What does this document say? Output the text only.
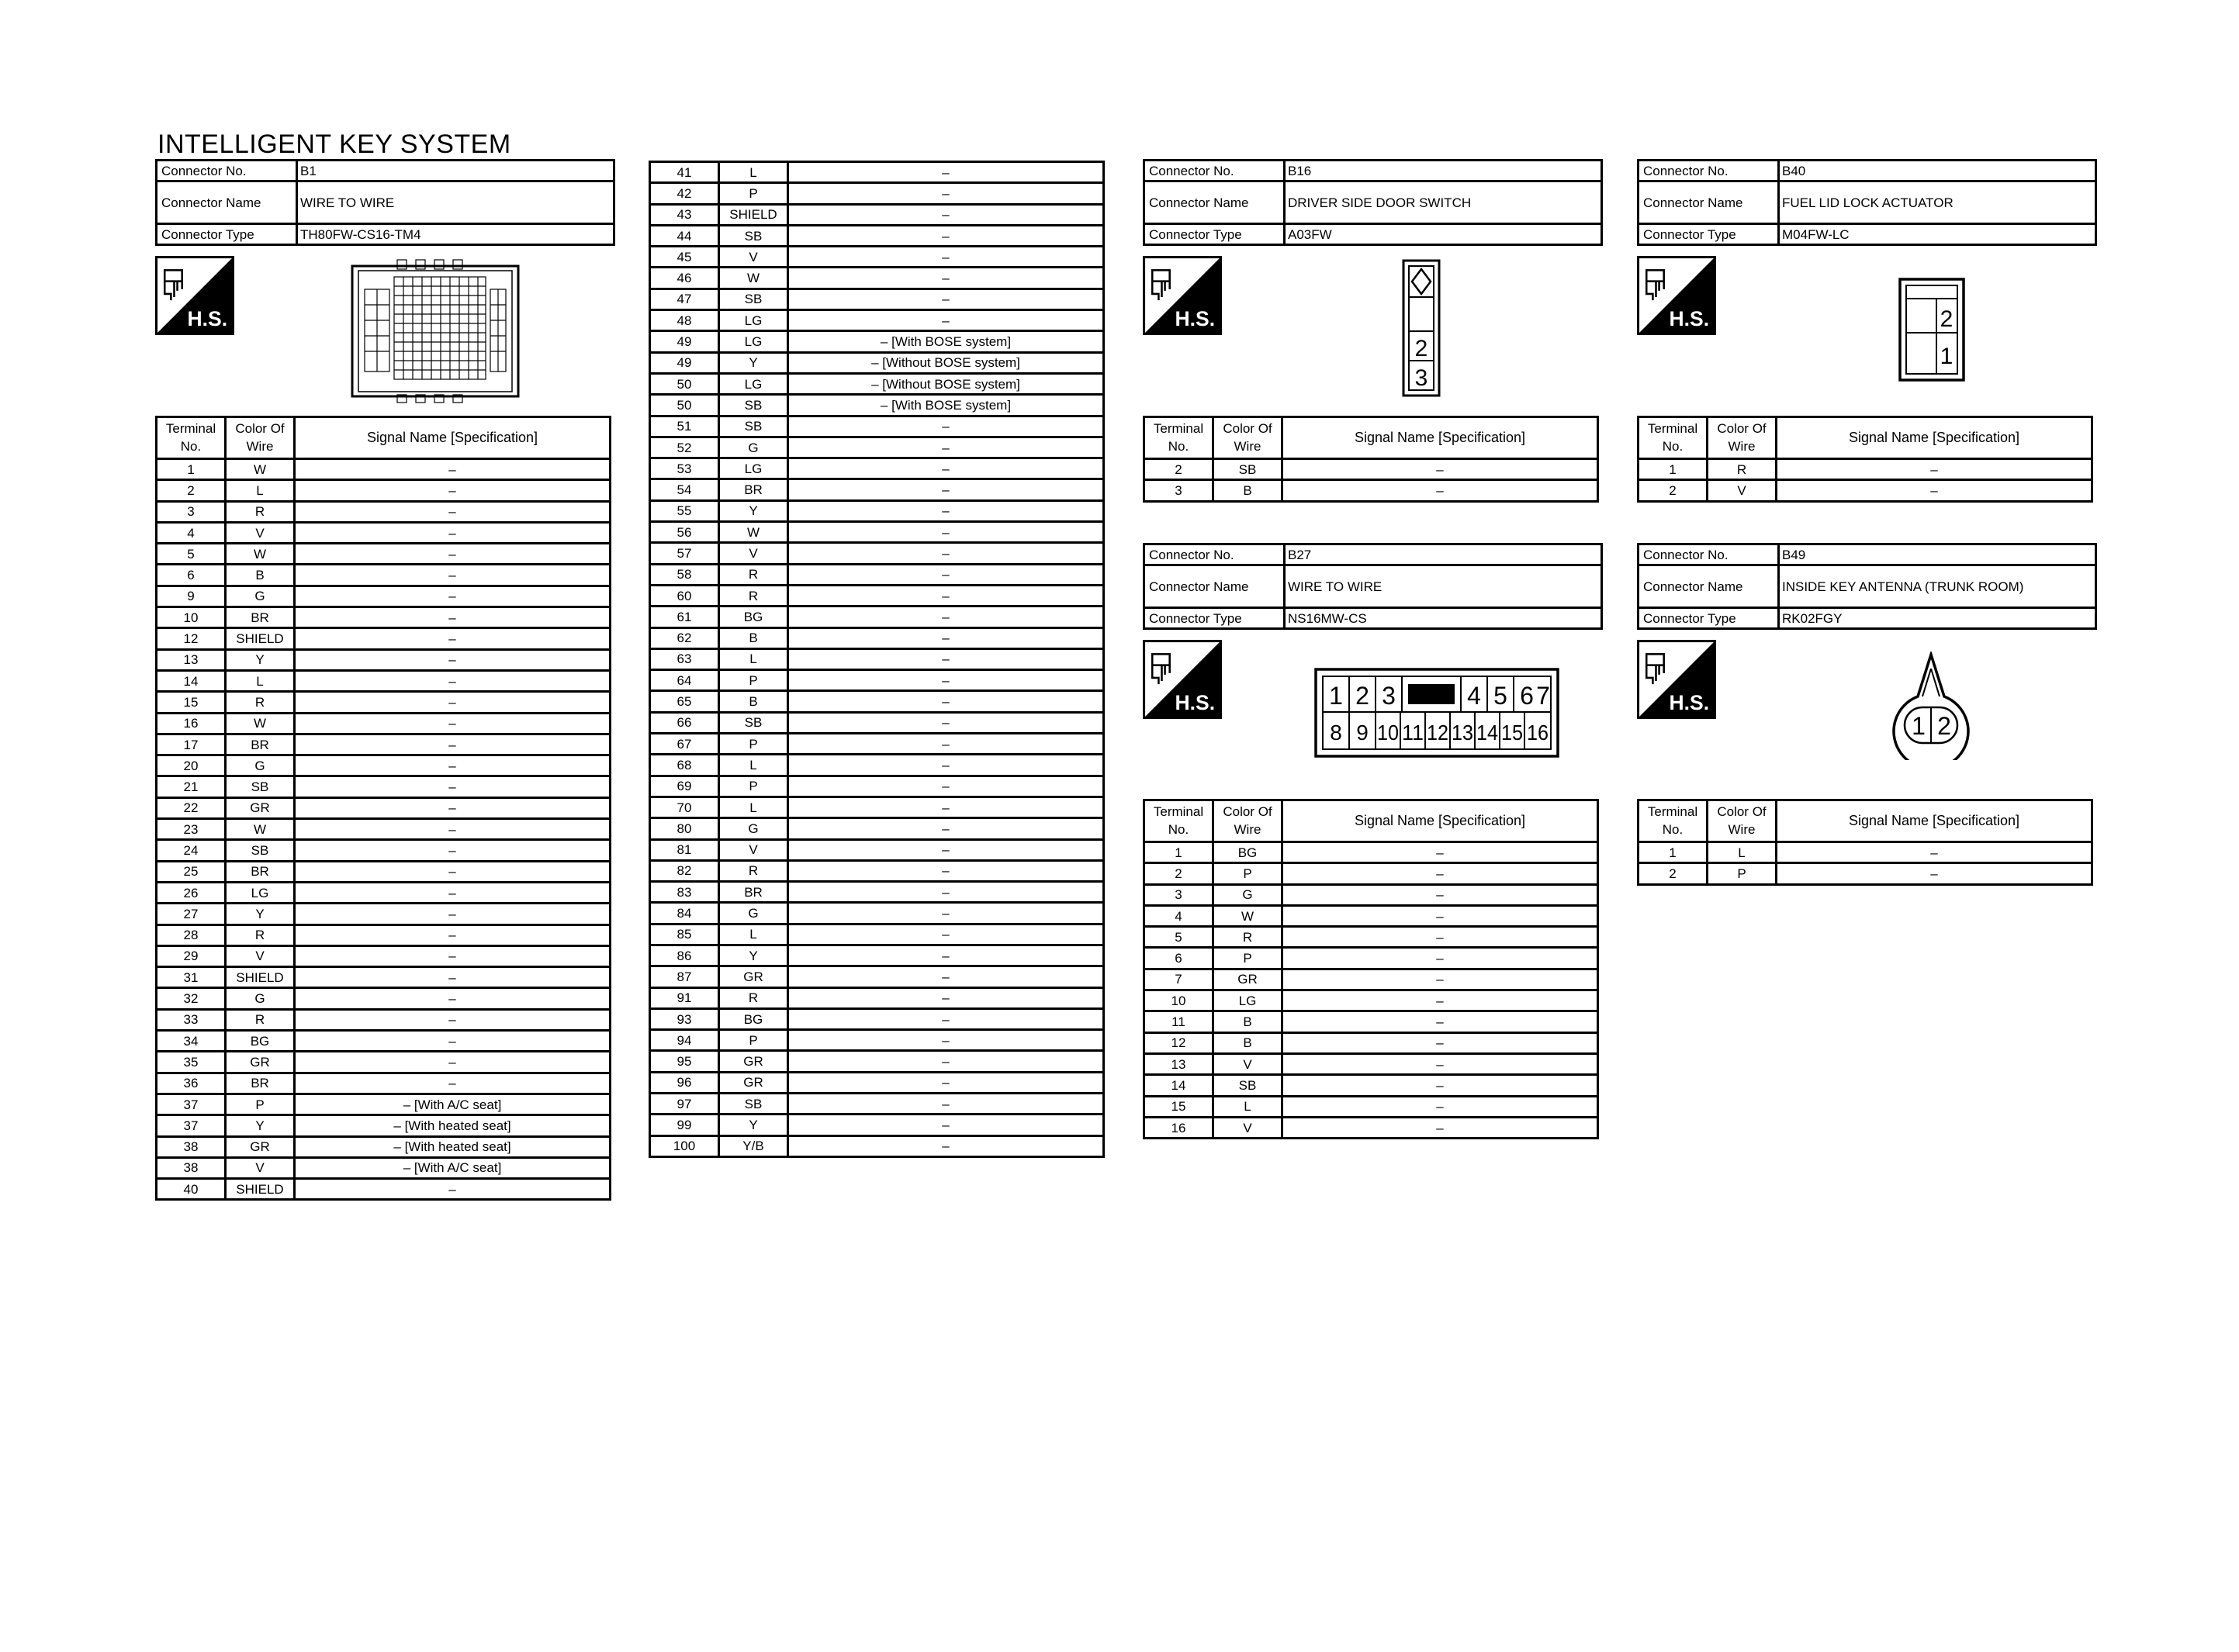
INTELLIGENT KEY SYSTEM
Connector No.	B1
Connector Name	WIRE TO WIRE
Connector Type	TH80FW-CS16-TM4
H.S.
Terminal No.	Color Of Wire	Signal Name [Specification]
1	W	–
2	L	–
3	R	–
4	V	–
5	W	–
6	B	–
9	G	–
10	BR	–
12	SHIELD	–
13	Y	–
14	L	–
15	R	–
16	W	–
17	BR	–
20	G	–
21	SB	–
22	GR	–
23	W	–
24	SB	–
25	BR	–
26	LG	–
27	Y	–
28	R	–
29	V	–
31	SHIELD	–
32	G	–
33	R	–
34	BG	–
35	GR	–
36	BR	–
37	P	– [With A/C seat]
37	Y	– [With heated seat]
38	GR	– [With heated seat]
38	V	– [With A/C seat]
40	SHIELD	–
41	L	–
42	P	–
43	SHIELD	–
44	SB	–
45	V	–
46	W	–
47	SB	–
48	LG	–
49	LG	– [With BOSE system]
49	Y	– [Without BOSE system]
50	LG	– [Without BOSE system]
50	SB	– [With BOSE system]
51	SB	–
52	G	–
53	LG	–
54	BR	–
55	Y	–
56	W	–
57	V	–
58	R	–
60	R	–
61	BG	–
62	B	–
63	L	–
64	P	–
65	B	–
66	SB	–
67	P	–
68	L	–
69	P	–
70	L	–
80	G	–
81	V	–
82	R	–
83	BR	–
84	G	–
85	L	–
86	Y	–
87	GR	–
91	R	–
93	BG	–
94	P	–
95	GR	–
96	GR	–
97	SB	–
99	Y	–
100	Y/B	–
Connector No.	B16
Connector Name	DRIVER SIDE DOOR SWITCH
Connector Type	A03FW
H.S.
2
3
Terminal No.	Color Of Wire	Signal Name [Specification]
2	SB	–
3	B	–
Connector No.	B40
Connector Name	FUEL LID LOCK ACTUATOR
Connector Type	M04FW-LC
H.S.	2
1
Terminal No.	Color Of Wire	Signal Name [Specification]
1	R	–
2	V	–
Connector No.	B27
Connector Name	WIRE TO WIRE
Connector Type	NS16MW-CS
H.S.	1 2 3	4 5 6 7
8 9 10 11 12 13 14 15 16
Terminal No.	Color Of Wire	Signal Name [Specification]
1	BG	–
2	P	–
3	G	–
4	W	–
5	R	–
6	P	–
7	GR	–
10	LG	–
11	B	–
12	B	–
13	V	–
14	SB	–
15	L	–
16	V	–
Connector No.	B49
Connector Name	INSIDE KEY ANTENNA (TRUNK ROOM)
Connector Type	RK02FGY
H.S.
1 2
Terminal No.	Color Of Wire	Signal Name [Specification]
1	L	–
2	P	–
